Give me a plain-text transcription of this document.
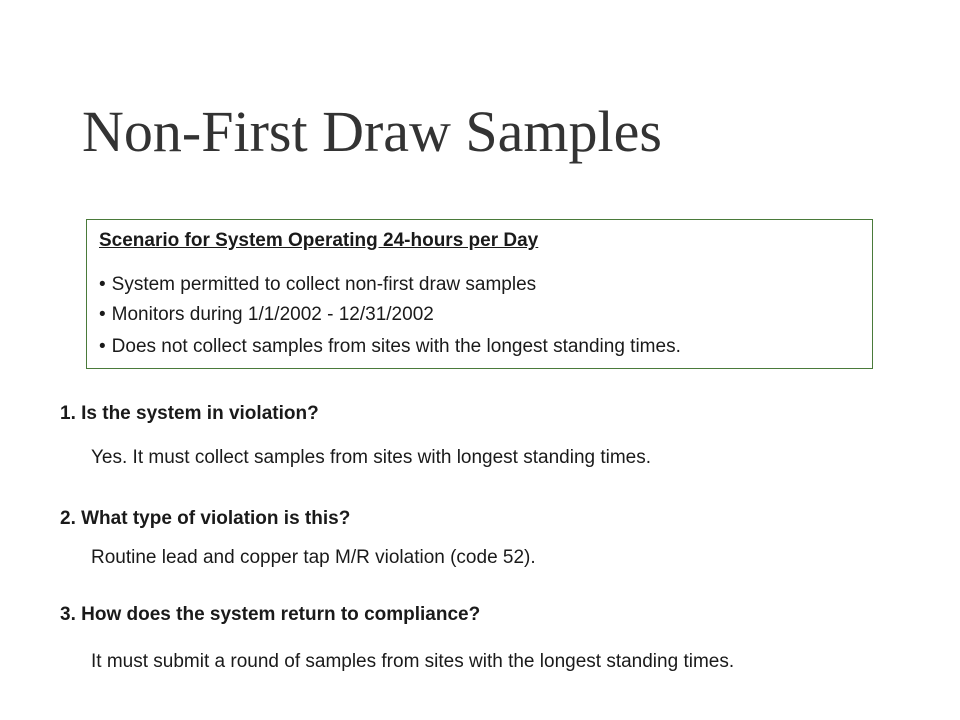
Non-First Draw Samples

Scenario for System Operating 24-hours per Day

• System permitted to collect non-first draw samples

• Monitors during 1/1/2002 - 12/31/2002

• Does not collect samples from sites with the longest standing times.

1. Is the system in violation?

Yes. It must collect samples from sites with longest standing times.

2. What type of violation is this?

Routine lead and copper tap M/R violation (code 52).

3. How does the system return to compliance?

It must submit a round of samples from sites with the longest standing times.
